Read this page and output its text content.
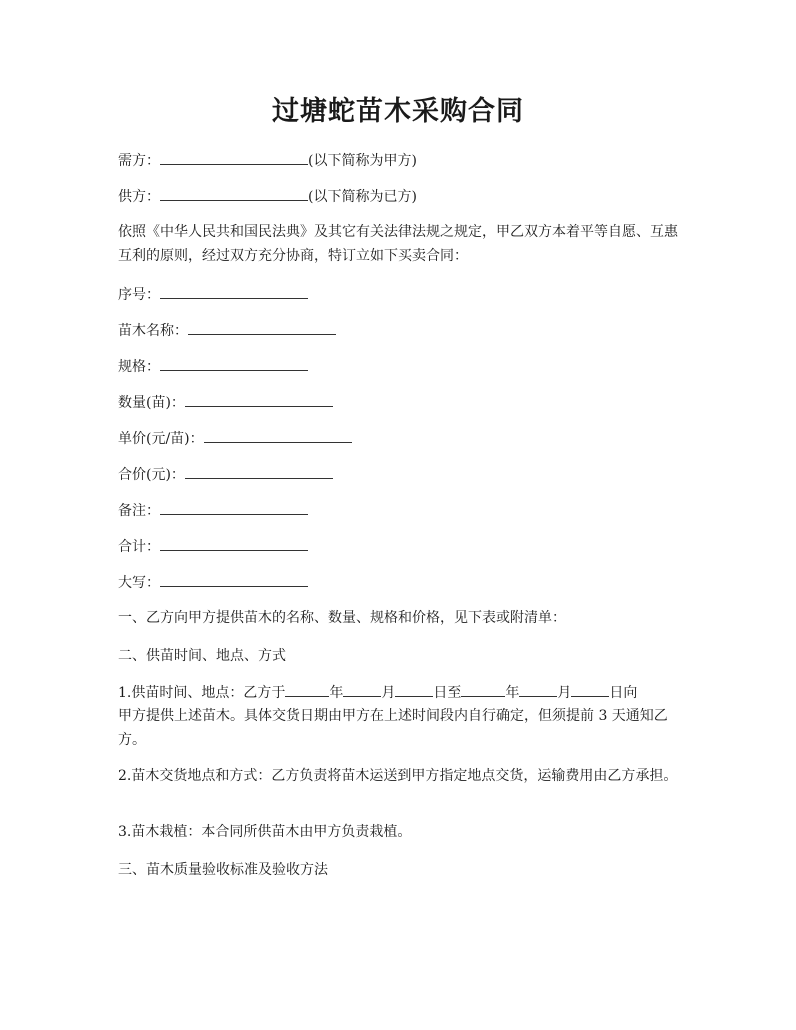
过塘蛇苗木采购合同
需方：	(以下简称为甲方)
供方：	(以下简称为已方)
依照《中华人民共和国民法典》及其它有关法律法规之规定，甲乙双方本着平等自愿、互惠互利的原则，经过双方充分协商，特订立如下买卖合同：
序号：
苗木名称：
规格：
数量(苗)：
单价(元/苗)：
合价(元)：
备注：
合计：
大写：
一、乙方向甲方提供苗木的名称、数量、规格和价格，见下表或附清单：
二、供苗时间、地点、方式
1.供苗时间、地点：乙方于	年	月	日至	年	月	日向
甲方提供上述苗木。具体交货日期由甲方在上述时间段内自行确定，但须提前 3 天通知乙方。
2.苗木交货地点和方式：乙方负责将苗木运送到甲方指定地点交货，运输费用由乙方承担。
3.苗木栽植：本合同所供苗木由甲方负责栽植。
三、苗木质量验收标准及验收方法
